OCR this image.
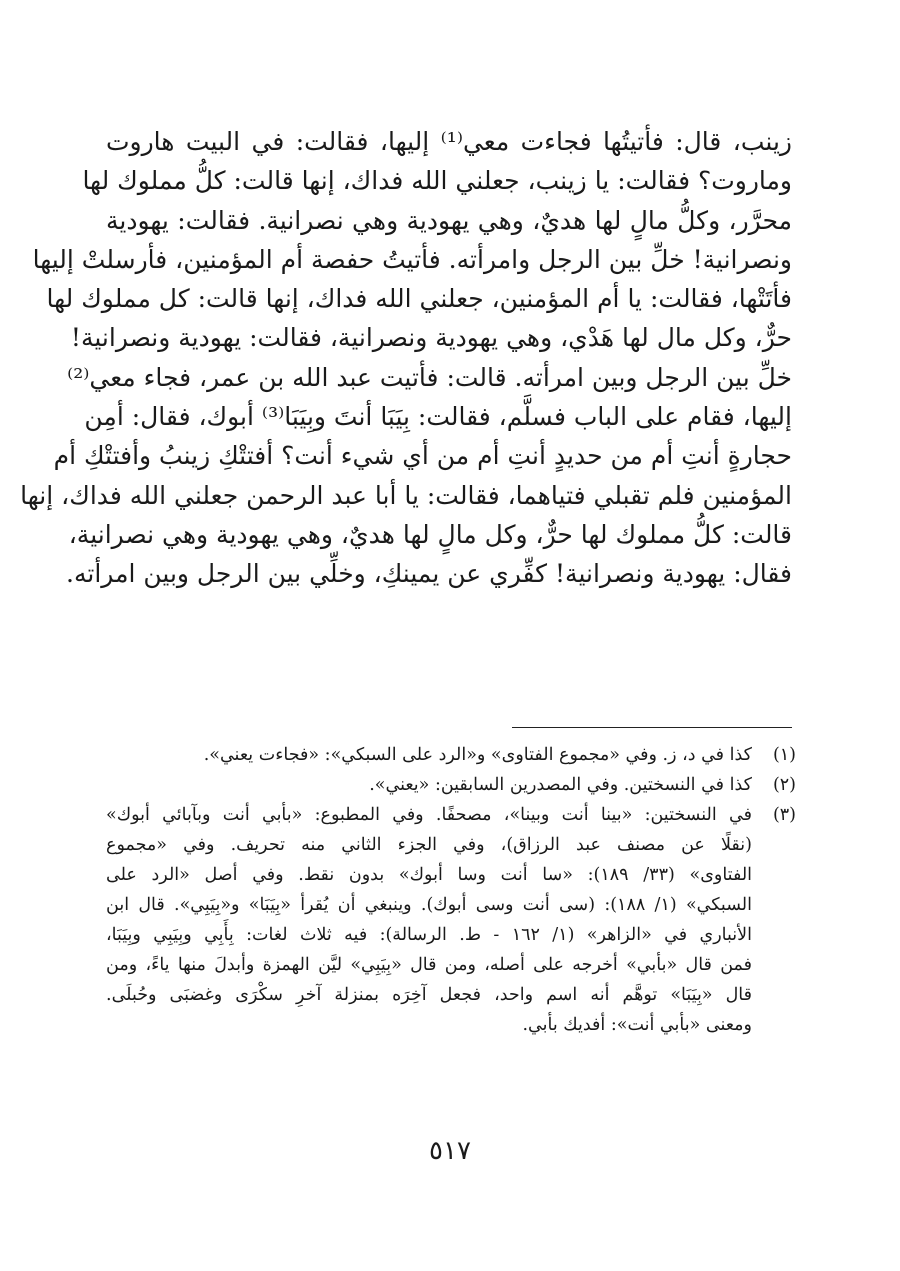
زينب، قال: فأتيتُها فجاءت معي⁽¹⁾ إليها، فقالت: في البيت هاروت
وماروت؟ فقالت: يا زينب، جعلني الله فداك، إنها قالت: كلُّ مملوك لها
محرَّر، وكلُّ مالٍ لها هديٌ، وهي يهودية وهي نصرانية. فقالت: يهودية
ونصرانية! خلِّ بين الرجل وامرأته. فأتيتُ حفصة أم المؤمنين، فأرسلتْ إليها
فأتَتْها، فقالت: يا أم المؤمنين، جعلني الله فداك، إنها قالت: كل مملوك لها
حرٌّ، وكل مال لها هَدْي، وهي يهودية ونصرانية، فقالت: يهودية ونصرانية!
خلِّ بين الرجل وبين امرأته. قالت: فأتيت عبد الله بن عمر، فجاء معي⁽²⁾
إليها، فقام على الباب فسلَّم، فقالت: بِيَبَا أنتَ وبِيَبَا⁽³⁾ أبوك، فقال: أمِن
حجارةٍ أنتِ أم من حديدٍ أنتِ أم من أي شيء أنت؟ أفتتْكِ زينبُ وأفتتْكِ أم
المؤمنين فلم تقبلي فتياهما، فقالت: يا أبا عبد الرحمن جعلني الله فداك، إنها
قالت: كلُّ مملوك لها حرٌّ، وكل مالٍ لها هديٌ، وهي يهودية وهي نصرانية،
فقال: يهودية ونصرانية! كفِّري عن يمينكِ، وخلِّي بين الرجل وبين امرأته.
(١)
كذا في د، ز. وفي «مجموع الفتاوى» و«الرد على السبكي»: «فجاءت يعني».
(٢)
كذا في النسختين. وفي المصدرين السابقين: «يعني».
(٣)
في النسختين: «بينا أنت وبينا»، مصحفًا. وفي المطبوع: «بأبي أنت وبآبائي أبوك»
(نقلًا عن مصنف عبد الرزاق)، وفي الجزء الثاني منه تحريف. وفي «مجموع
الفتاوى» (٣٣/ ١٨٩): «سا أنت وسا أبوك» بدون نقط. وفي أصل «الرد على
السبكي» (١/ ١٨٨): (سى أنت وسى أبوك). وينبغي أن يُقرأ «بِيَبَا» و«بِيَبِي». قال ابن
الأنباري في «الزاهر» (١/ ١٦٢ - ط. الرسالة): فيه ثلاث لغات: بِأَبِي وبِيَبِي وبِيَبَا،
فمن قال «بأبي» أخرجه على أصله، ومن قال «بِيَبِي» ليَّن الهمزة وأبدلَ منها ياءً، ومن
قال «بِيَبَا» توهَّم أنه اسم واحد، فجعل آخِرَه بمنزلة آخرِ سكْرَى وغضبَى وحُبلَى.
ومعنى «بأبي أنت»: أفديك بأبي.
٥١٧
